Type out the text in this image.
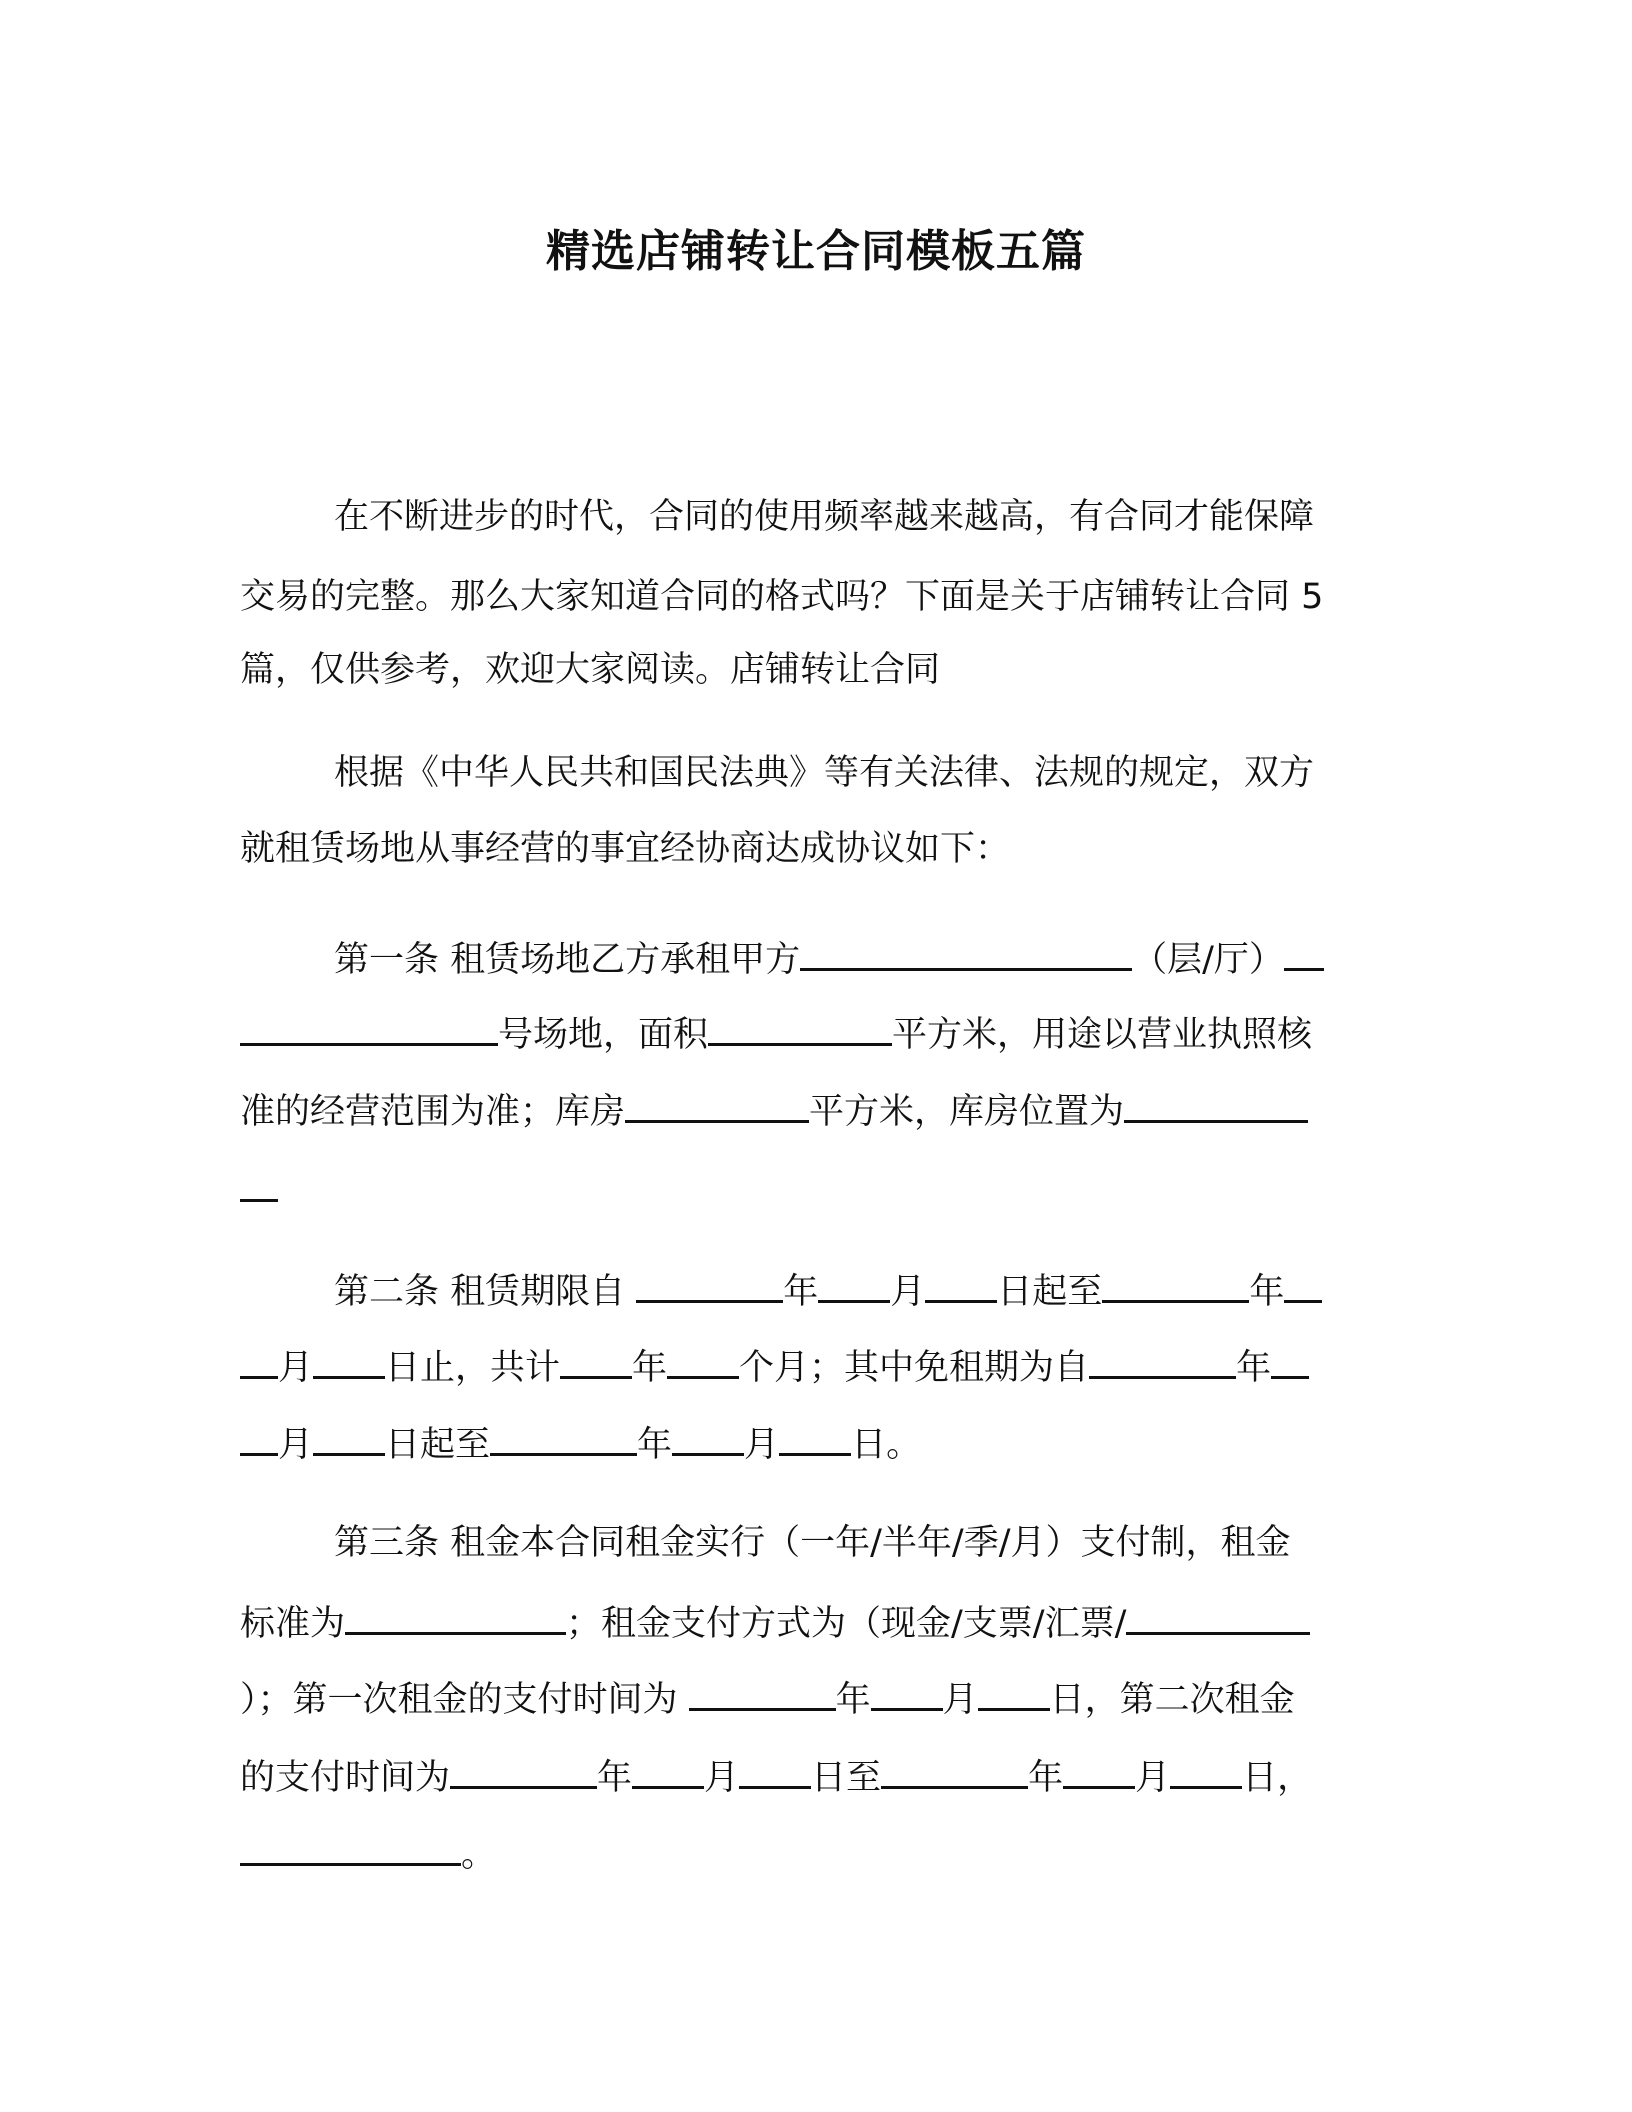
精选店铺转让合同模板五篇
在不断进步的时代，合同的使用频率越来越高，有合同才能保障
交易的完整。那么大家知道合同的格式吗？下面是关于店铺转让合同 5
篇，仅供参考，欢迎大家阅读。店铺转让合同
根据《中华人民共和国民法典》等有关法律、法规的规定，双方
就租赁场地从事经营的事宜经协商达成协议如下：
第一条 租赁场地乙方承租甲方	（层/厅）
号场地，面积	平方米，用途以营业执照核
准的经营范围为准；库房	平方米，库房位置为
第二条 租赁期限自	年 月 日起至	年
月 日止，共计 年 个月；其中免租期为自	年
月 日起至	年 月 日。
第三条 租金本合同租金实行（一年/半年/季/月）支付制，租金
标准为	；租金支付方式为（现金/支票/汇票/
）；第一次租金的支付时间为	年 月 日，第二次租金
的支付时间为	年 月 日至	年 月 日，
。
